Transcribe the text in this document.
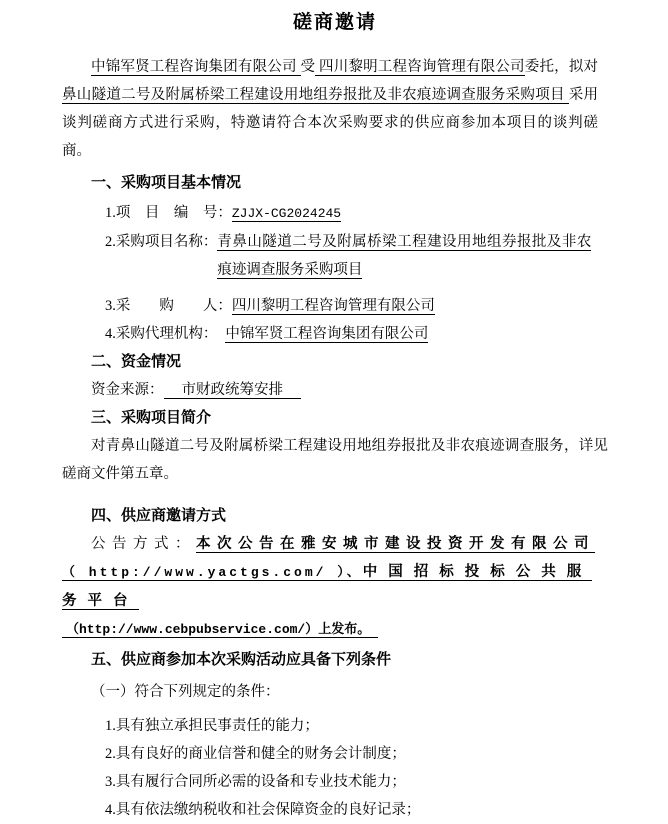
磋商邀请

中锦军贤工程咨询集团有限公司 受 四川黎明工程咨询管理有限公司委托，拟对鼻山隧道二号及附属桥梁工程建设用地组券报批及非农痕迹调查服务采购项目 采用谈判磋商方式进行采购，特邀请符合本次采购要求的供应商参加本项目的谈判磋商。

一、采购项目基本情况
1.项　目　编　号：ZJJX-CG2024245
2.采购项目名称： 青鼻山隧道二号及附属桥梁工程建设用地组券报批及非农痕迹调查服务采购项目
3.采　　购　　人：四川黎明工程咨询管理有限公司
4.采购代理机构： 中锦军贤工程咨询集团有限公司
二、资金情况
资金来源： 市财政统筹安排
三、采购项目简介

对青鼻山隧道二号及附属桥梁工程建设用地组券报批及非农痕迹调查服务，详见磋商文件第五章。

四、供应商邀请方式
公告方式：本次公告在雅安城市建设投资开发有限公司
（ http://www.yactgs.com/ ）、中国招标投标公共服务平台
（http://www.cebpubservice.com/）上发布。
五、供应商参加本次采购活动应具备下列条件
（一）符合下列规定的条件：
1.具有独立承担民事责任的能力；
2.具有良好的商业信誉和健全的财务会计制度；
3.具有履行合同所必需的设备和专业技术能力；
4.具有依法缴纳税收和社会保障资金的良好记录；
